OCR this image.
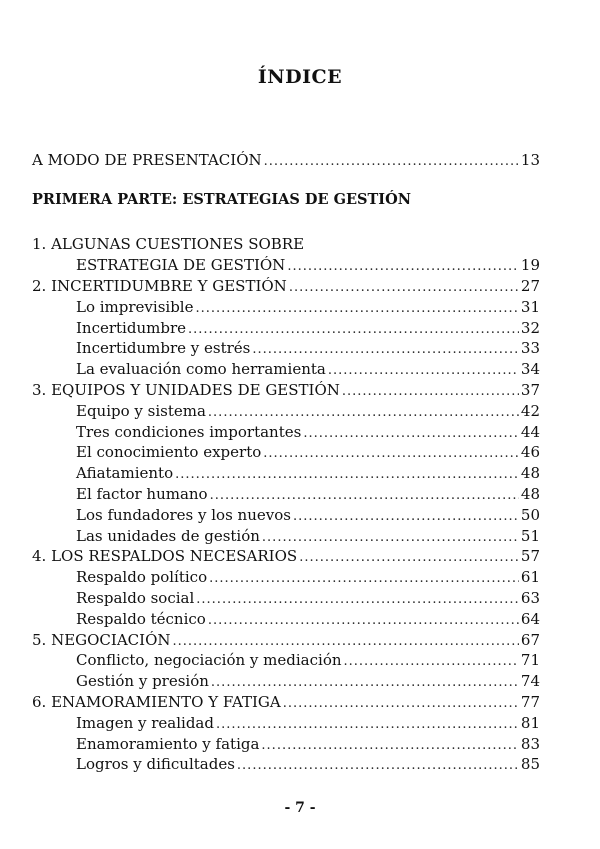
ÍNDICE
A MODO DE PRESENTACIÓN .....	13
PRIMERA PARTE: ESTRATEGIAS DE GESTIÓN
1. ALGUNAS CUESTIONES SOBRE
ESTRATEGIA DE GESTIÓN .....	19
2. INCERTIDUMBRE Y GESTIÓN .....	27
Lo imprevisible .....	31
Incertidumbre .....	32
Incertidumbre y estrés .....	33
La evaluación como herramienta .....	34
3. EQUIPOS Y UNIDADES DE GESTIÓN .....	37
Equipo y sistema .....	42
Tres condiciones importantes .....	44
El conocimiento experto .....	46
Afiatamiento .....	48
El factor humano .....	48
Los fundadores y los nuevos .....	50
Las unidades de gestión .....	51
4. LOS RESPALDOS NECESARIOS .....	57
Respaldo político .....	61
Respaldo social .....	63
Respaldo técnico .....	64
5. NEGOCIACIÓN .....	67
Conflicto, negociación y mediación .....	71
Gestión y presión .....	74
6. ENAMORAMIENTO Y FATIGA .....	77
Imagen y realidad .....	81
Enamoramiento y fatiga .....	83
Logros y dificultades .....	85
- 7 -
